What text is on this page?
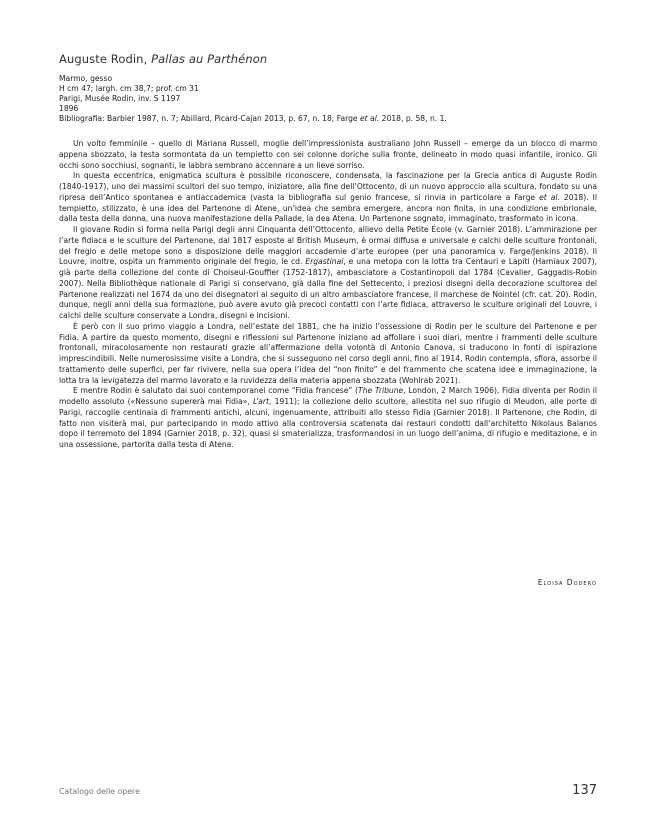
Auguste Rodin, Pallas au Parthénon
Marmo, gesso
H cm 47; largh. cm 38,7; prof. cm 31
Parigi, Musée Rodin, inv. S 1197
1896
Bibliografia: Barbier 1987, n. 7; Abillard, Picard-Cajan 2013, p. 67, n. 18; Farge et al. 2018, p. 58, n. 1.

Un volto femminile – quello di Mariana Russell, moglie dell’impressionista australiano John Russell – emerge da un blocco di marmo appena sbozzato, la testa sormontata da un tempietto con sei colonne doriche sulla fronte, delineato in modo quasi infantile, ironico. Gli occhi sono socchiusi, sognanti, le labbra sembrano accennare a un lieve sorriso.

In questa eccentrica, enigmatica scultura è possibile riconoscere, condensata, la fascinazione per la Grecia antica di Auguste Rodin (1840-1917), uno dei massimi scultori del suo tempo, iniziatore, alla fine dell’Ottocento, di un nuovo approccio alla scultura, fondato su una ripresa dell’Antico spontanea e antiaccademica (vasta la bibliografia sul genio francese, si rinvia in particolare a Farge et al. 2018). Il tempietto, stilizzato, è una idea del Partenone di Atene, un’idea che sembra emergere, ancora non finita, in una condizione embrionale, dalla testa della donna, una nuova manifestazione della Pallade, la dea Atena. Un Partenone sognato, immaginato, trasformato in icona.

Il giovane Rodin si forma nella Parigi degli anni Cinquanta dell’Ottocento, allievo della Petite École (v. Garnier 2018). L’ammirazione per l’arte fidiaca e le sculture del Partenone, dal 1817 esposte al British Museum, è ormai diffusa e universale e calchi delle sculture frontonali, del fregio e delle metope sono a disposizione delle maggiori accademie d’arte europee (per una panoramica v. Farge/Jenkins 2018). Il Louvre, inoltre, ospita un frammento originale del fregio, le cd. Ergastinai, e una metopa con la lotta tra Centauri e Lapiti (Hamiaux 2007), già parte della collezione del conte di Choiseul-Gouffier (1752-1817), ambasciatore a Costantinopoli dal 1784 (Cavalier, Gaggadis-Robin 2007). Nella Bibliothèque nationale di Parigi si conservano, già dalla fine del Settecento, i preziosi disegni della decorazione scultorea del Partenone realizzati nel 1674 da uno dei disegnatori al seguito di un altro ambasciatore francese, il marchese de Nointel (cfr. cat. 20). Rodin, dunque, negli anni della sua formazione, può avere avuto già precoci contatti con l’arte fidiaca, attraverso le sculture originali del Louvre, i calchi delle sculture conservate a Londra, disegni e incisioni.

È però con il suo primo viaggio a Londra, nell’estate del 1881, che ha inizio l’ossessione di Rodin per le sculture del Partenone e per Fidia. A partire da questo momento, disegni e riflessioni sul Partenone iniziano ad affollare i suoi diari, mentre i frammenti delle sculture frontonali, miracolosamente non restaurati grazie all’affermazione della volontà di Antonio Canova, si traducono in fonti di ispirazione imprescindibili. Nelle numerosissime visite a Londra, che si susseguono nel corso degli anni, fino al 1914, Rodin contempla, sfiora, assorbe il trattamento delle superfici, per far rivivere, nella sua opera l’idea del “non finito” e del frammento che scatena idee e immaginazione, la lotta tra la levigatezza del marmo lavorato e la ruvidezza della materia appena sbozzata (Wohlrab 2021).

E mentre Rodin è salutato dai suoi contemporanei come “Fidia francese” (The Tribune, London, 2 March 1906), Fidia diventa per Rodin il modello assoluto («Nessuno supererà mai Fidia», L’art, 1911); la collezione dello scultore, allestita nel suo rifugio di Meudon, alle porte di Parigi, raccoglie centinaia di frammenti antichi, alcuni, ingenuamente, attribuiti allo stesso Fidia (Garnier 2018). Il Partenone, che Rodin, di fatto non visiterà mai, pur partecipando in modo attivo alla controversia scatenata dai restauri condotti dall’architetto Nikolaus Balanos dopo il terremoto del 1894 (Garnier 2018, p. 32), quasi si smaterializza, trasformandosi in un luogo dell’anima, di rifugio e meditazione, e in una ossessione, partorita dalla testa di Atena.

Eloisa Dodero
Catalogo delle opere	137
